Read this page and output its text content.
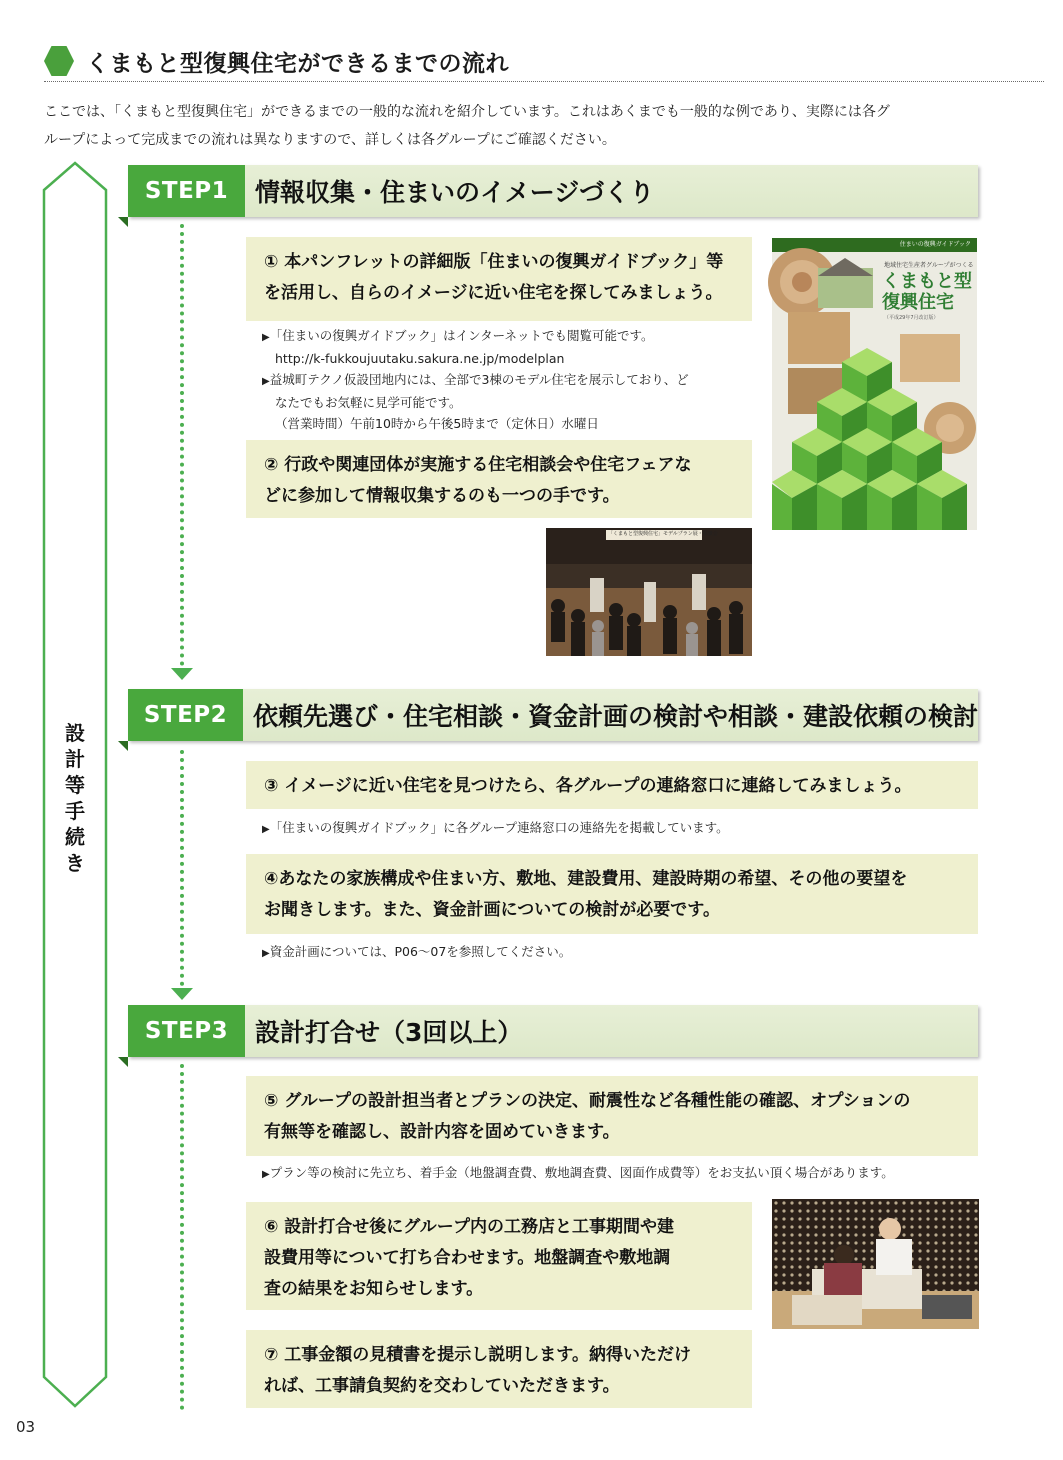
くまもと型復興住宅ができるまでの流れ
ここでは、「くまもと型復興住宅」ができるまでの一般的な流れを紹介しています。これはあくまでも一般的な例であり、実際には各グ
ループによって完成までの流れは異なりますので、詳しくは各グループにご確認ください。
設
計
等
手
続
き
STEP1	情報収集・住まいのイメージづくり
① 本パンフレットの詳細版「住まいの復興ガイドブック」等
を活用し、自らのイメージに近い住宅を探してみましょう。
▶「住まいの復興ガイドブック」はインターネットでも閲覧可能です。
http://k-fukkoujuutaku.sakura.ne.jp/modelplan
▶益城町テクノ仮設団地内には、全部で3棟のモデル住宅を展示しており、ど
なたでもお気軽に見学可能です。
（営業時間）午前10時から午後5時まで（定休日）水曜日
② 行政や関連団体が実施する住宅相談会や住宅フェアな
どに参加して情報収集するのも一つの手です。
住まいの復興ガイドブック
地域住宅生産者グループがつくる
くまもと型
復興住宅
（平成29年7月改訂版）
「くまもと型復興住宅」モデルプラン展・相談会
STEP2	依頼先選び・住宅相談・資金計画の検討や相談・建設依頼の検討
③ イメージに近い住宅を見つけたら、各グループの連絡窓口に連絡してみましょう。
▶「住まいの復興ガイドブック」に各グループ連絡窓口の連絡先を掲載しています。
④あなたの家族構成や住まい方、敷地、建設費用、建設時期の希望、その他の要望を
お聞きします。また、資金計画についての検討が必要です。
▶資金計画については、P06～07を参照してください。
STEP3	設計打合せ（3回以上）
⑤ グループの設計担当者とプランの決定、耐震性など各種性能の確認、オプションの
有無等を確認し、設計内容を固めていきます。
▶プラン等の検討に先立ち、着手金（地盤調査費、敷地調査費、図面作成費等）をお支払い頂く場合があります。
⑥ 設計打合せ後にグループ内の工務店と工事期間や建
設費用等について打ち合わせます。地盤調査や敷地調
査の結果をお知らせします。
⑦ 工事金額の見積書を提示し説明します。納得いただけ
れば、工事請負契約を交わしていただきます。
03
